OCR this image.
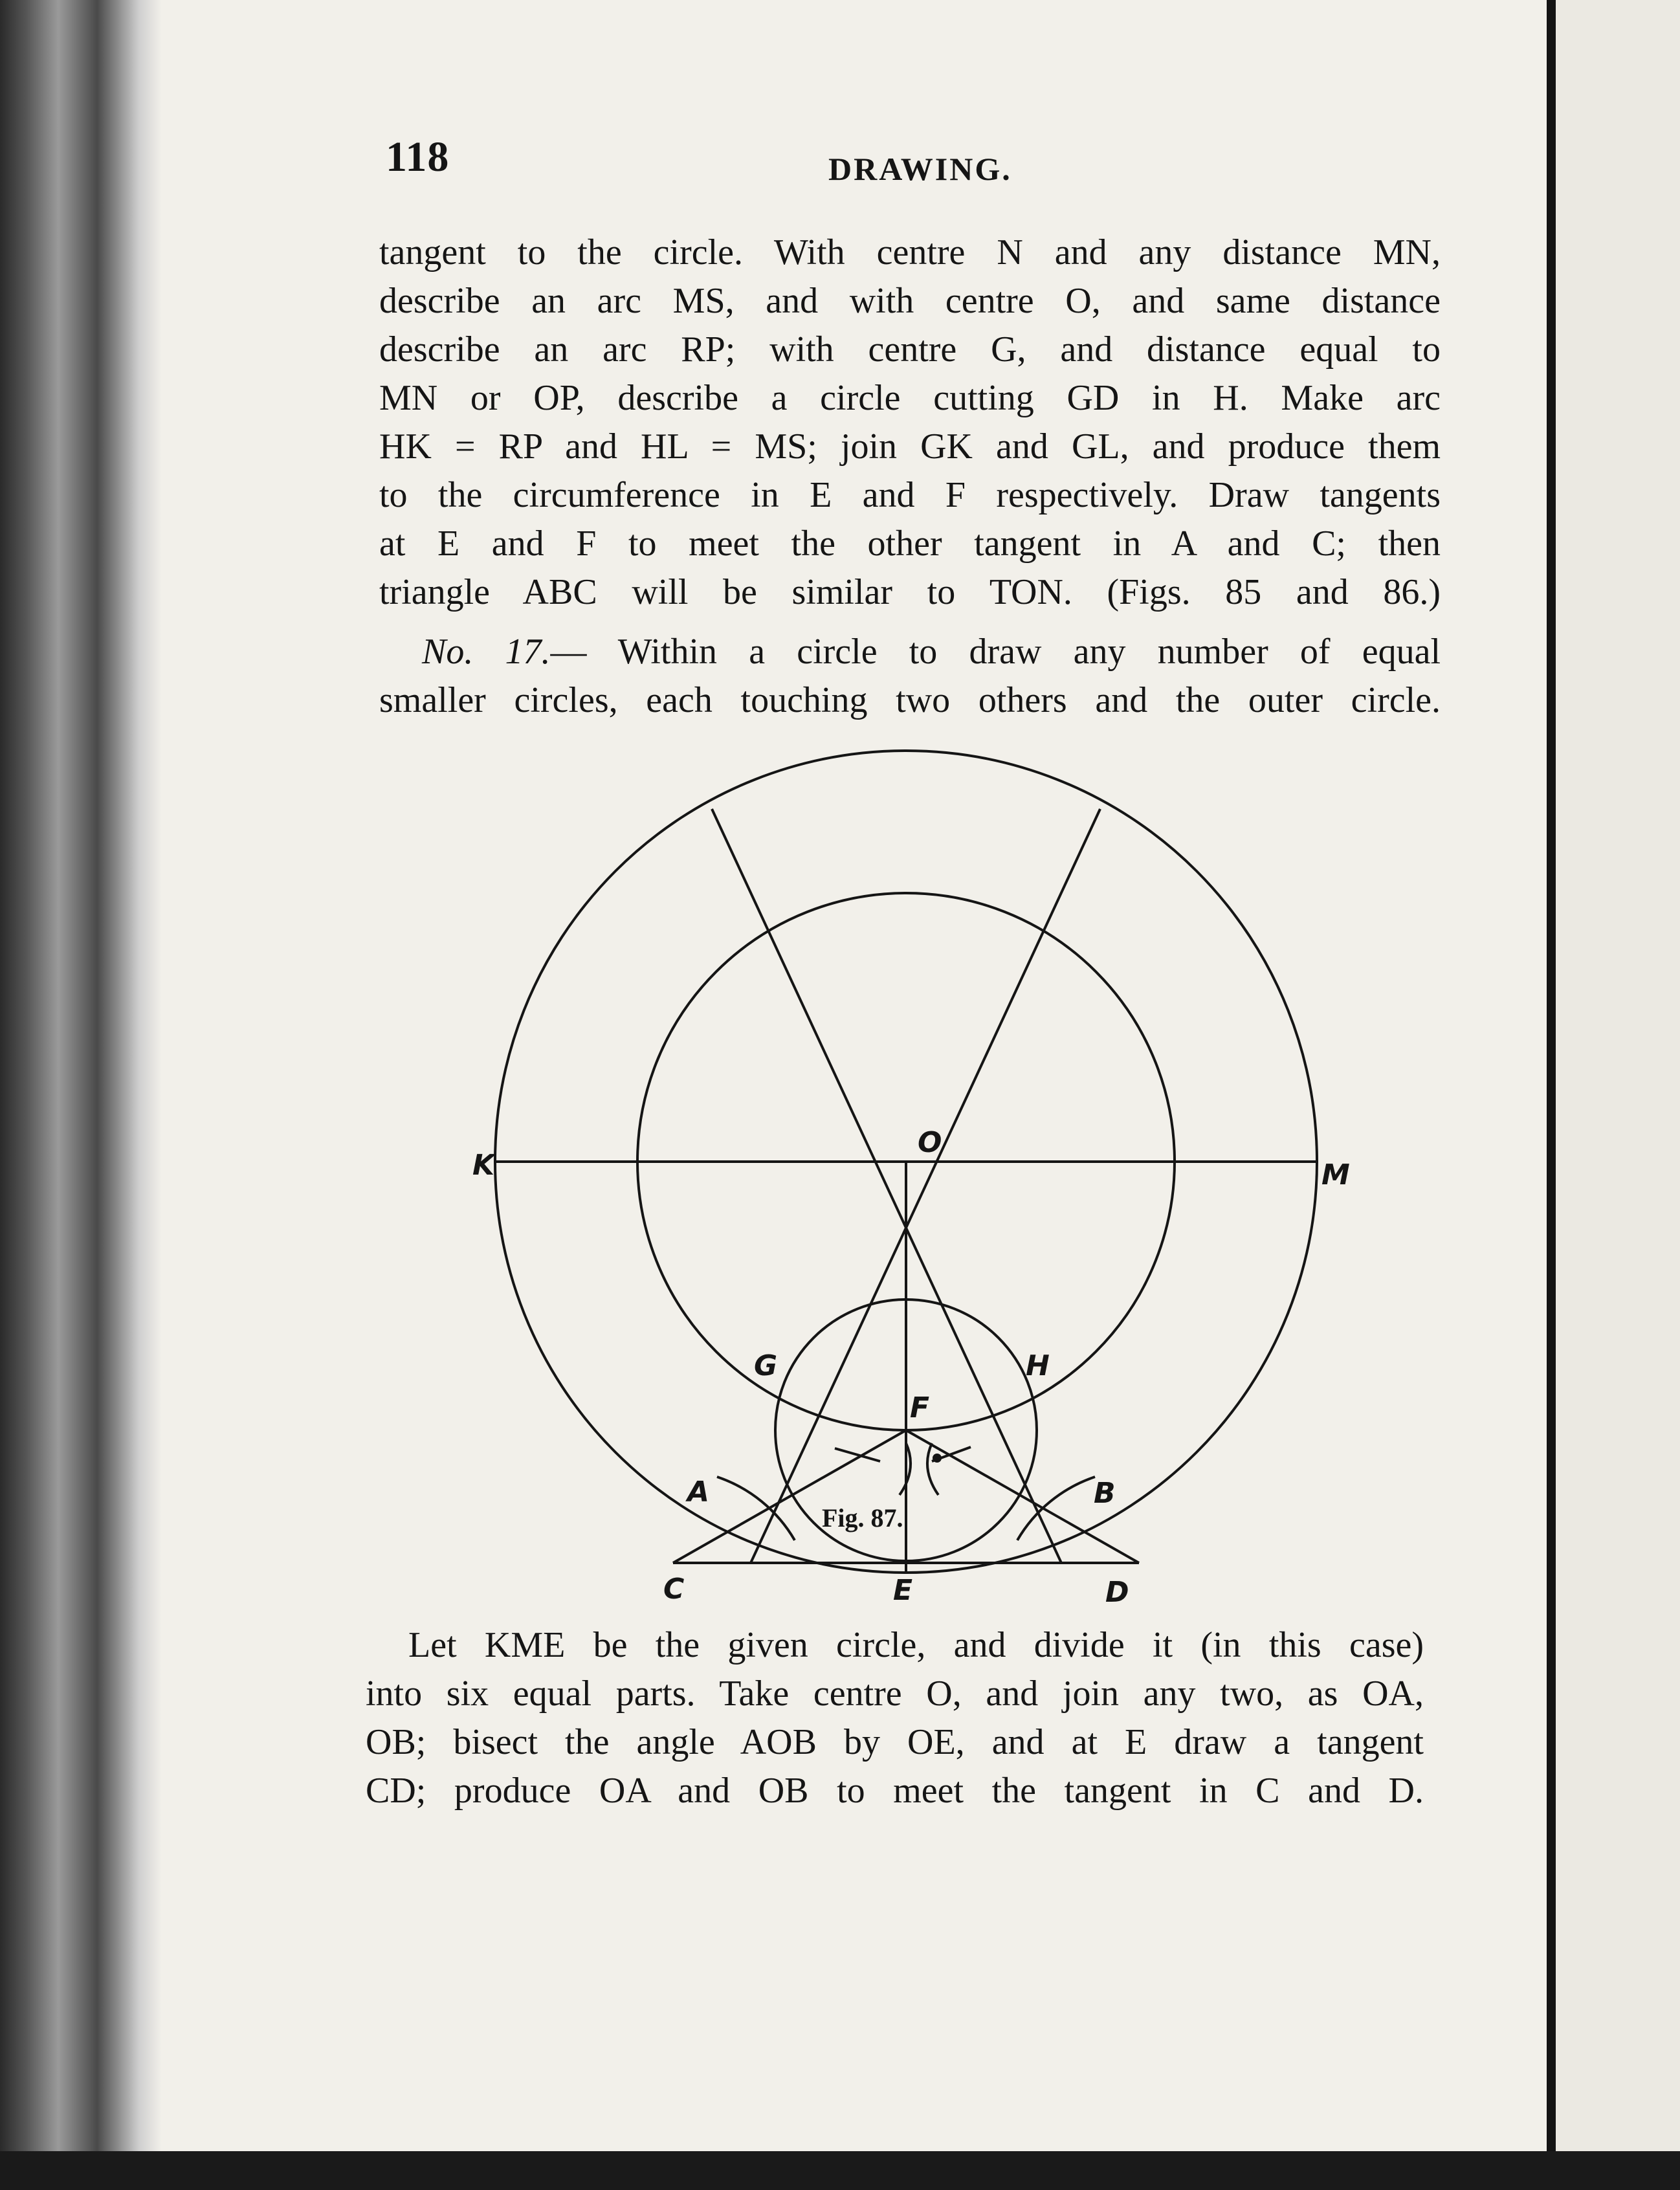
118	DRAWING.
tangent to the circle. With centre N and any distance MN,
describe an arc MS, and with centre O, and same distance
describe an arc RP; with centre G, and distance equal to
MN or OP, describe a circle cutting GD in H. Make arc
HK = RP and HL = MS; join GK and GL, and produce them
to the circumference in E and F respectively. Draw tangents
at E and F to meet the other tangent in A and C; then
triangle ABC will be similar to TON. (Figs. 85 and 86.)
No. 17.— Within a circle to draw any number of equal
smaller circles, each touching two others and the outer circle.
K	M
O
G	H
F
A	B
C	E	D
Fig. 87.
Let KME be the given circle, and divide it (in this case)
into six equal parts. Take centre O, and join any two, as OA,
OB; bisect the angle AOB by OE, and at E draw a tangent
CD; produce OA and OB to meet the tangent in C and D.
